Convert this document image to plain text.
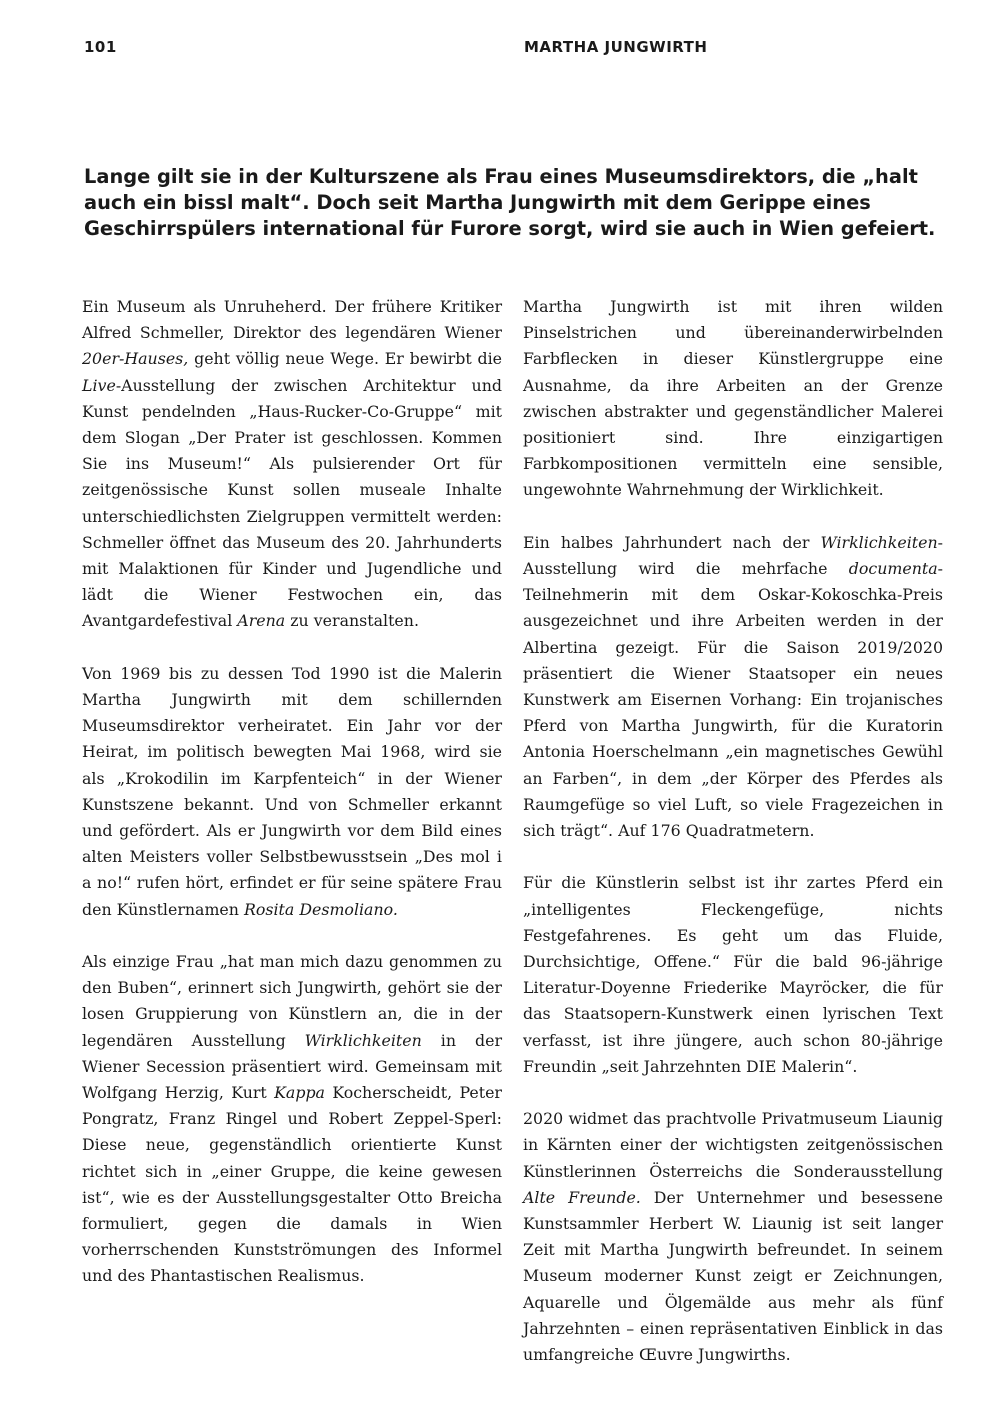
101	MARTHA JUNGWIRTH
Lange gilt sie in der Kulturszene als Frau eines Museumsdirektors, die „halt auch ein bissl malt“. Doch seit Martha Jungwirth mit dem Gerippe eines Geschirrspülers international für Furore sorgt, wird sie auch in Wien gefeiert.

Ein Museum als Unruheherd. Der frühere Kritiker Alfred Schmeller, Direktor des legendären Wiener 20er-Hauses, geht völlig neue Wege. Er bewirbt die Live-Ausstellung der zwischen Architektur und Kunst pendelnden „Haus-Rucker-Co-Gruppe“ mit dem Slogan „Der Prater ist geschlossen. Kommen Sie ins Museum!“ Als pulsierender Ort für zeitgenössische Kunst sollen museale Inhalte unterschiedlichsten Zielgruppen vermittelt werden: Schmeller öffnet das Museum des 20. Jahrhunderts mit Malaktionen für Kinder und Jugendliche und lädt die Wiener Festwochen ein, das Avantgardefestival Arena zu veranstalten.

Von 1969 bis zu dessen Tod 1990 ist die Malerin Martha Jungwirth mit dem schillernden Museumsdirektor verheiratet. Ein Jahr vor der Heirat, im politisch bewegten Mai 1968, wird sie als „Krokodilin im Karpfenteich“ in der Wiener Kunstszene bekannt. Und von Schmeller erkannt und gefördert. Als er Jungwirth vor dem Bild eines alten Meisters voller Selbstbewusstsein „Des mol i a no!“ rufen hört, erfindet er für seine spätere Frau den Künstlernamen Rosita Desmoliano.

Als einzige Frau „hat man mich dazu genommen zu den Buben“, erinnert sich Jungwirth, gehört sie der losen Gruppierung von Künstlern an, die in der legendären Ausstellung Wirklichkeiten in der Wiener Secession präsentiert wird. Gemeinsam mit Wolfgang Herzig, Kurt Kappa Kocherscheidt, Peter Pongratz, Franz Ringel und Robert Zeppel-Sperl: Diese neue, gegenständlich orientierte Kunst richtet sich in „einer Gruppe, die keine gewesen ist“, wie es der Ausstellungsgestalter Otto Breicha formuliert, gegen die damals in Wien vorherrschenden Kunstströmungen des Informel und des Phantastischen Realismus.

Martha Jungwirth ist mit ihren wilden Pinselstrichen und übereinanderwirbelnden Farbflecken in dieser Künstlergruppe eine Ausnahme, da ihre Arbeiten an der Grenze zwischen abstrakter und gegenständlicher Malerei positioniert sind. Ihre einzigartigen Farbkompositionen vermitteln eine sensible, ungewohnte Wahrnehmung der Wirklichkeit.

Ein halbes Jahrhundert nach der Wirklichkeiten-Ausstellung wird die mehrfache documenta-Teilnehmerin mit dem Oskar-Kokoschka-Preis ausgezeichnet und ihre Arbeiten werden in der Albertina gezeigt. Für die Saison 2019/2020 präsentiert die Wiener Staatsoper ein neues Kunstwerk am Eisernen Vorhang: Ein trojanisches Pferd von Martha Jungwirth, für die Kuratorin Antonia Hoerschelmann „ein magnetisches Gewühl an Farben“, in dem „der Körper des Pferdes als Raumgefüge so viel Luft, so viele Fragezeichen in sich trägt“. Auf 176 Quadratmetern.

Für die Künstlerin selbst ist ihr zartes Pferd ein „intelligentes Fleckengefüge, nichts Festgefahrenes. Es geht um das Fluide, Durchsichtige, Offene.“ Für die bald 96-jährige Literatur-Doyenne Friederike Mayröcker, die für das Staatsopern-Kunstwerk einen lyrischen Text verfasst, ist ihre jüngere, auch schon 80-jährige Freundin „seit Jahrzehnten DIE Malerin“.

2020 widmet das prachtvolle Privatmuseum Liaunig in Kärnten einer der wichtigsten zeitgenössischen Künstlerinnen Österreichs die Sonderausstellung Alte Freunde. Der Unternehmer und besessene Kunstsammler Herbert W. Liaunig ist seit langer Zeit mit Martha Jungwirth befreundet. In seinem Museum moderner Kunst zeigt er Zeichnungen, Aquarelle und Ölgemälde aus mehr als fünf Jahrzehnten – einen repräsentativen Einblick in das umfangreiche Œuvre Jungwirths.
